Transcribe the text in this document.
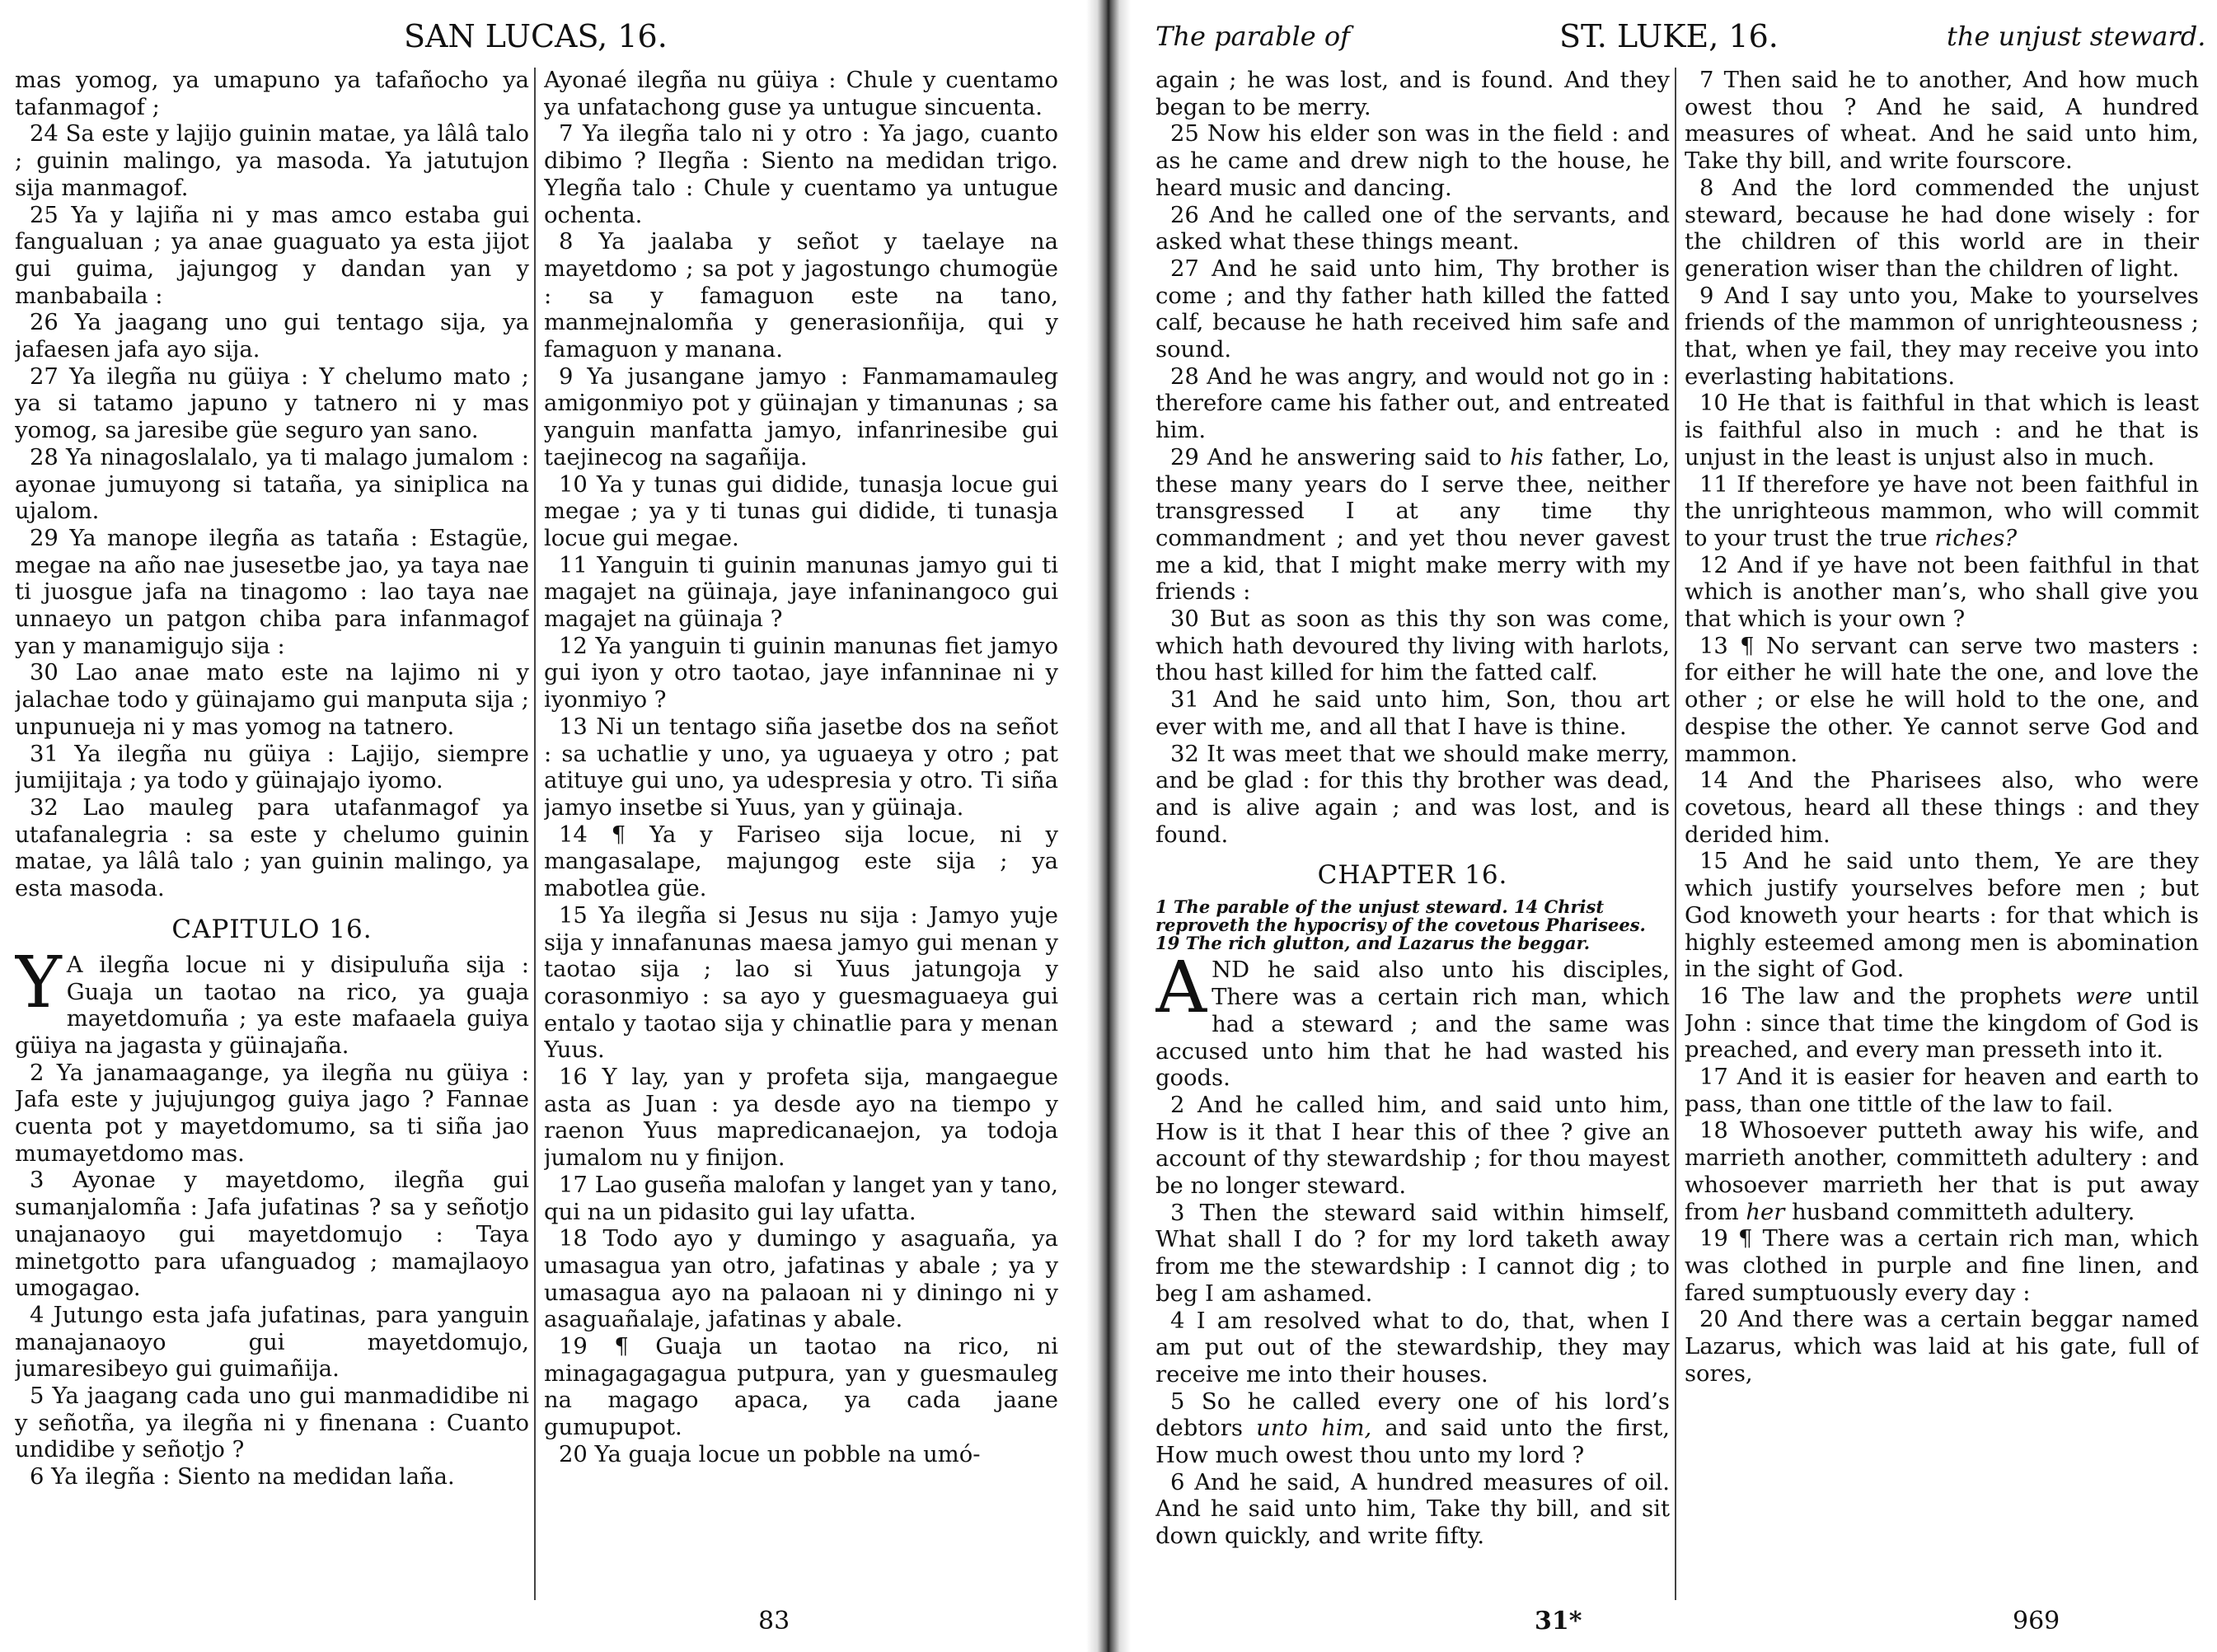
SAN LUCAS, 16.

mas yomog, ya umapuno ya tafañocho ya tafanmagof ;

24 Sa este y lajijo guinin matae, ya lâlâ talo ; guinin malingo, ya masoda. Ya jatutujon sija manmagof.

25 Ya y lajiña ni y mas amco estaba gui fangualuan ; ya anae guaguato ya esta jijot gui guima, jajungog y dandan yan y manbabaila :

26 Ya jaagang uno gui tentago sija, ya jafaesen jafa ayo sija.

27 Ya ilegña nu güiya : Y chelumo mato ; ya si tatamo japuno y tatnero ni y mas yomog, sa jaresibe güe seguro yan sano.

28 Ya ninagoslalalo, ya ti malago jumalom : ayonae jumuyong si tataña, ya siniplica na ujalom.

29 Ya manope ilegña as tataña : Estagüe, megae na año nae jusesetbe jao, ya taya nae ti juosgue jafa na tinagomo : lao taya nae unnaeyo un patgon chiba para infanmagof yan y manamigujo sija :

30 Lao anae mato este na lajimo ni y jalachae todo y güinajamo gui manputa sija ; unpunueja ni y mas yomog na tatnero.

31 Ya ilegña nu güiya : Lajijo, siempre jumijitaja ; ya todo y güinajajo iyomo.

32 Lao mauleg para utafanmagof ya utafanalegria : sa este y chelumo guinin matae, ya lâlâ talo ; yan guinin malingo, ya esta masoda.

CAPITULO 16.

Y A ilegña locue ni y disipuluña sija : Guaja un taotao na rico, ya guaja mayetdomuña ; ya este mafaaela guiya güiya na jagasta y güinajaña.

2 Ya janamaagange, ya ilegña nu güiya : Jafa este y jujujungog guiya jago ? Fannae cuenta pot y mayetdomumo, sa ti siña jao mumayetdomo mas.

3 Ayonae y mayetdomo, ilegña gui sumanjalomña : Jafa jufatinas ? sa y señotjo unajanaoyo gui mayetdomujo : Taya minetgotto para ufanguadog ; mamajlaoyo umogagao.

4 Jutungo esta jafa jufatinas, para yanguin manajanaoyo gui mayetdomujo, jumaresibeyo gui guimañija.

5 Ya jaagang cada uno gui manmadidibe ni y señotña, ya ilegña ni y finenana : Cuanto undidibe y señotjo ?

6 Ya ilegña : Siento na medidan laña.

Ayonaé ilegña nu güiya : Chule y cuentamo ya unfatachong guse ya untugue sincuenta.

7 Ya ilegña talo ni y otro : Ya jago, cuanto dibimo ? Ilegña : Siento na medidan trigo. Ylegña talo : Chule y cuentamo ya untugue ochenta.

8 Ya jaalaba y señot y taelaye na mayetdomo ; sa pot y jagostungo chumogüe : sa y famaguon este na tano, manmejnalomña y generasionñija, qui y famaguon y manana.

9 Ya jusangane jamyo : Fanmamamauleg amigonmiyo pot y güinajan y timanunas ; sa yanguin manfatta jamyo, infanrinesibe gui taejinecog na sagañija.

10 Ya y tunas gui didide, tunasja locue gui megae ; ya y ti tunas gui didide, ti tunasja locue gui megae.

11 Yanguin ti guinin manunas jamyo gui ti magajet na güinaja, jaye infaninangoco gui magajet na güinaja ?

12 Ya yanguin ti guinin manunas fiet jamyo gui iyon y otro taotao, jaye infanninae ni y iyonmiyo ?

13 Ni un tentago siña jasetbe dos na señot : sa uchatlie y uno, ya uguaeya y otro ; pat atituye gui uno, ya udespresia y otro. Ti siña jamyo insetbe si Yuus, yan y güinaja.

14 ¶ Ya y Fariseo sija locue, ni y mangasalape, majungog este sija ; ya mabotlea güe.

15 Ya ilegña si Jesus nu sija : Jamyo yuje sija y innafanunas maesa jamyo gui menan y taotao sija ; lao si Yuus jatungoja y corasonmiyo : sa ayo y guesmaguaeya gui entalo y taotao sija y chinatlie para y menan Yuus.

16 Y lay, yan y profeta sija, mangaegue asta as Juan : ya desde ayo na tiempo y raenon Yuus mapredicanaejon, ya todoja jumalom nu y finijon.

17 Lao guseña malofan y langet yan y tano, qui na un pidasito gui lay ufatta.

18 Todo ayo y dumingo y asaguaña, ya umasagua yan otro, jafatinas y abale ; ya y umasagua ayo na palaoan ni y diningo ni y asaguañalaje, jafatinas y abale.

19 ¶ Guaja un taotao na rico, ni minagagagagua putpura, yan y guesmauleg na magago apaca, ya cada jaane gumupupot.

20 Ya guaja locue un pobble na umó-

83
The parable of	ST. LUKE, 16.	the unjust steward.

again ; he was lost, and is found. And they began to be merry.

25 Now his elder son was in the field : and as he came and drew nigh to the house, he heard music and dancing.

26 And he called one of the servants, and asked what these things meant.

27 And he said unto him, Thy brother is come ; and thy father hath killed the fatted calf, because he hath received him safe and sound.

28 And he was angry, and would not go in : therefore came his father out, and entreated him.

29 And he answering said to his father, Lo, these many years do I serve thee, neither transgressed I at any time thy commandment ; and yet thou never gavest me a kid, that I might make merry with my friends :

30 But as soon as this thy son was come, which hath devoured thy living with harlots, thou hast killed for him the fatted calf.

31 And he said unto him, Son, thou art ever with me, and all that I have is thine.

32 It was meet that we should make merry, and be glad : for this thy brother was dead, and is alive again ; and was lost, and is found.

CHAPTER 16.
1 The parable of the unjust steward. 14 Christ reproveth the hypocrisy of the covetous Pharisees. 19 The rich glutton, and Lazarus the beggar.

AND he said also unto his disciples, There was a certain rich man, which had a steward ; and the same was accused unto him that he had wasted his goods.

2 And he called him, and said unto him, How is it that I hear this of thee ? give an account of thy stewardship ; for thou mayest be no longer steward.

3 Then the steward said within himself, What shall I do ? for my lord taketh away from me the stewardship : I cannot dig ; to beg I am ashamed.

4 I am resolved what to do, that, when I am put out of the stewardship, they may receive me into their houses.

5 So he called every one of his lord’s debtors unto him, and said unto the first, How much owest thou unto my lord ?

6 And he said, A hundred measures of oil. And he said unto him, Take thy bill, and sit down quickly, and write fifty.

7 Then said he to another, And how much owest thou ? And he said, A hundred measures of wheat. And he said unto him, Take thy bill, and write fourscore.

8 And the lord commended the unjust steward, because he had done wisely : for the children of this world are in their generation wiser than the children of light.

9 And I say unto you, Make to yourselves friends of the mammon of unrighteousness ; that, when ye fail, they may receive you into everlasting habitations.

10 He that is faithful in that which is least is faithful also in much : and he that is unjust in the least is unjust also in much.

11 If therefore ye have not been faithful in the unrighteous mammon, who will commit to your trust the true riches?

12 And if ye have not been faithful in that which is another man’s, who shall give you that which is your own ?

13 ¶ No servant can serve two masters : for either he will hate the one, and love the other ; or else he will hold to the one, and despise the other. Ye cannot serve God and mammon.

14 And the Pharisees also, who were covetous, heard all these things : and they derided him.

15 And he said unto them, Ye are they which justify yourselves before men ; but God knoweth your hearts : for that which is highly esteemed among men is abomination in the sight of God.

16 The law and the prophets were until John : since that time the kingdom of God is preached, and every man presseth into it.

17 And it is easier for heaven and earth to pass, than one tittle of the law to fail.

18 Whosoever putteth away his wife, and marrieth another, committeth adultery : and whosoever marrieth her that is put away from her husband committeth adultery.

19 ¶ There was a certain rich man, which was clothed in purple and fine linen, and fared sumptuously every day :

20 And there was a certain beggar named Lazarus, which was laid at his gate, full of sores,

31*	969
